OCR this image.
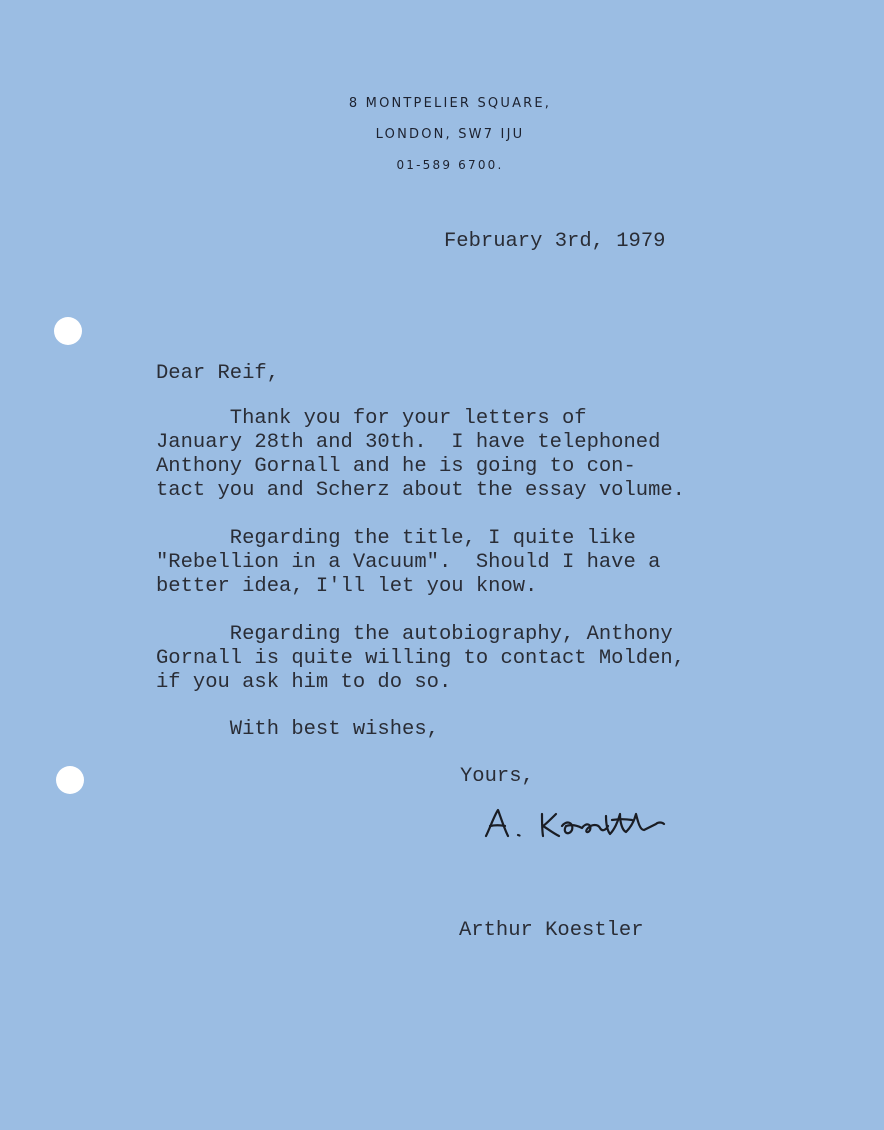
8 MONTPELIER SQUARE,
LONDON, SW7 IJU
01-589 6700.
February 3rd, 1979
Dear Reif,
Thank you for your letters of
January 28th and 30th.  I have telephoned
Anthony Gornall and he is going to con-
tact you and Scherz about the essay volume.
Regarding the title, I quite like
"Rebellion in a Vacuum".  Should I have a
better idea, I'll let you know.
Regarding the autobiography, Anthony
Gornall is quite willing to contact Molden,
if you ask him to do so.
With best wishes,
Yours,
Arthur Koestler
